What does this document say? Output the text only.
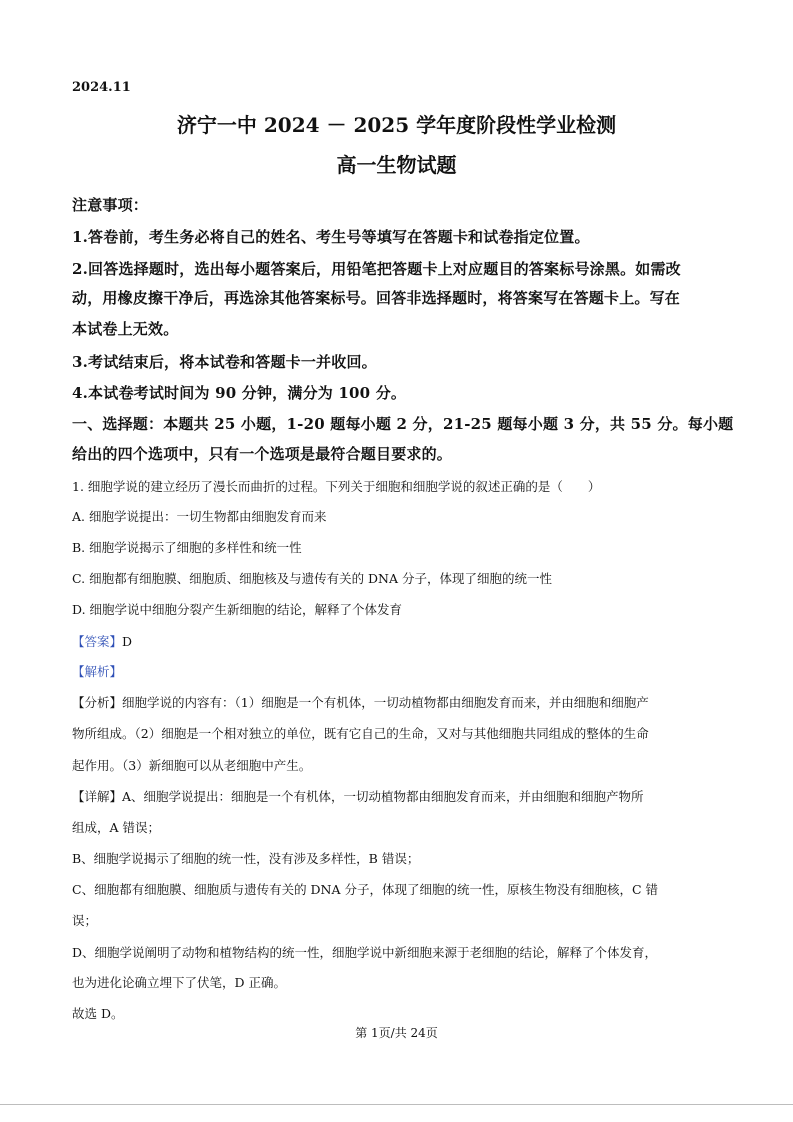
2024.11
济宁一中 2024 － 2025 学年度阶段性学业检测
高一生物试题
注意事项：
1.答卷前，考生务必将自己的姓名、考生号等填写在答题卡和试卷指定位置。
2.回答选择题时，选出每小题答案后，用铅笔把答题卡上对应题目的答案标号涂黑。如需改
动，用橡皮擦干净后，再选涂其他答案标号。回答非选择题时，将答案写在答题卡上。写在
本试卷上无效。
3.考试结束后，将本试卷和答题卡一并收回。
4.本试卷考试时间为 90 分钟，满分为 100 分。
一、选择题：本题共 25 小题，1-20 题每小题 2 分，21-25 题每小题 3 分，共 55 分。每小题
给出的四个选项中，只有一个选项是最符合题目要求的。
1. 细胞学说的建立经历了漫长而曲折的过程。下列关于细胞和细胞学说的叙述正确的是（　　）
A. 细胞学说提出：一切生物都由细胞发育而来
B. 细胞学说揭示了细胞的多样性和统一性
C. 细胞都有细胞膜、细胞质、细胞核及与遗传有关的 DNA 分子，体现了细胞的统一性
D. 细胞学说中细胞分裂产生新细胞的结论，解释了个体发育
【答案】D
【解析】
【分析】细胞学说的内容有：（1）细胞是一个有机体，一切动植物都由细胞发育而来，并由细胞和细胞产
物所组成。（2）细胞是一个相对独立的单位，既有它自己的生命，又对与其他细胞共同组成的整体的生命
起作用。（3）新细胞可以从老细胞中产生。
【详解】A、细胞学说提出：细胞是一个有机体，一切动植物都由细胞发育而来，并由细胞和细胞产物所
组成，A 错误；
B、细胞学说揭示了细胞的统一性，没有涉及多样性，B 错误；
C、细胞都有细胞膜、细胞质与遗传有关的 DNA 分子，体现了细胞的统一性，原核生物没有细胞核，C 错
误；
D、细胞学说阐明了动物和植物结构的统一性，细胞学说中新细胞来源于老细胞的结论，解释了个体发育，
也为进化论确立埋下了伏笔，D 正确。
故选 D。
第 1页/共 24页
